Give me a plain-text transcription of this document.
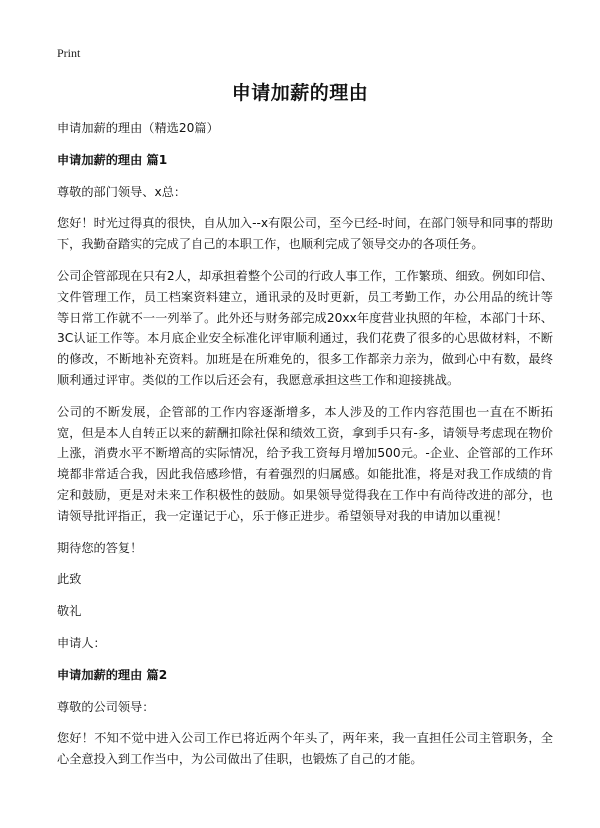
Print
申请加薪的理由

申请加薪的理由（精选20篇）

申请加薪的理由 篇1

尊敬的部门领导、x总：

您好！时光过得真的很快，自从加入--x有限公司，至今已经-时间，在部门领导和同事的帮助下，我勤奋踏实的完成了自己的本职工作，也顺利完成了领导交办的各项任务。

公司企管部现在只有2人，却承担着整个公司的行政人事工作，工作繁琐、细致。例如印信、文件管理工作，员工档案资料建立，通讯录的及时更新，员工考勤工作，办公用品的统计等等日常工作就不一一列举了。此外还与财务部完成20xx年度营业执照的年检，本部门十环、3C认证工作等。本月底企业安全标准化评审顺利通过，我们花费了很多的心思做材料，不断的修改，不断地补充资料。加班是在所难免的，很多工作都亲力亲为，做到心中有数，最终顺利通过评审。类似的工作以后还会有，我愿意承担这些工作和迎接挑战。

公司的不断发展，企管部的工作内容逐渐增多，本人涉及的工作内容范围也一直在不断拓宽，但是本人自转正以来的薪酬扣除社保和绩效工资，拿到手只有-多，请领导考虑现在物价上涨，消费水平不断增高的实际情况，给予我工资每月增加500元。-企业、企管部的工作环境都非常适合我，因此我倍感珍惜，有着强烈的归属感。如能批准，将是对我工作成绩的肯定和鼓励，更是对未来工作积极性的鼓励。如果领导觉得我在工作中有尚待改进的部分，也请领导批评指正，我一定谨记于心，乐于修正进步。希望领导对我的申请加以重视！

期待您的答复！

此致

敬礼

申请人：

申请加薪的理由 篇2

尊敬的公司领导：

您好！不知不觉中进入公司工作已将近两个年头了，两年来，我一直担任公司主管职务，全心全意投入到工作当中，为公司做出了佳职，也锻炼了自己的才能。
